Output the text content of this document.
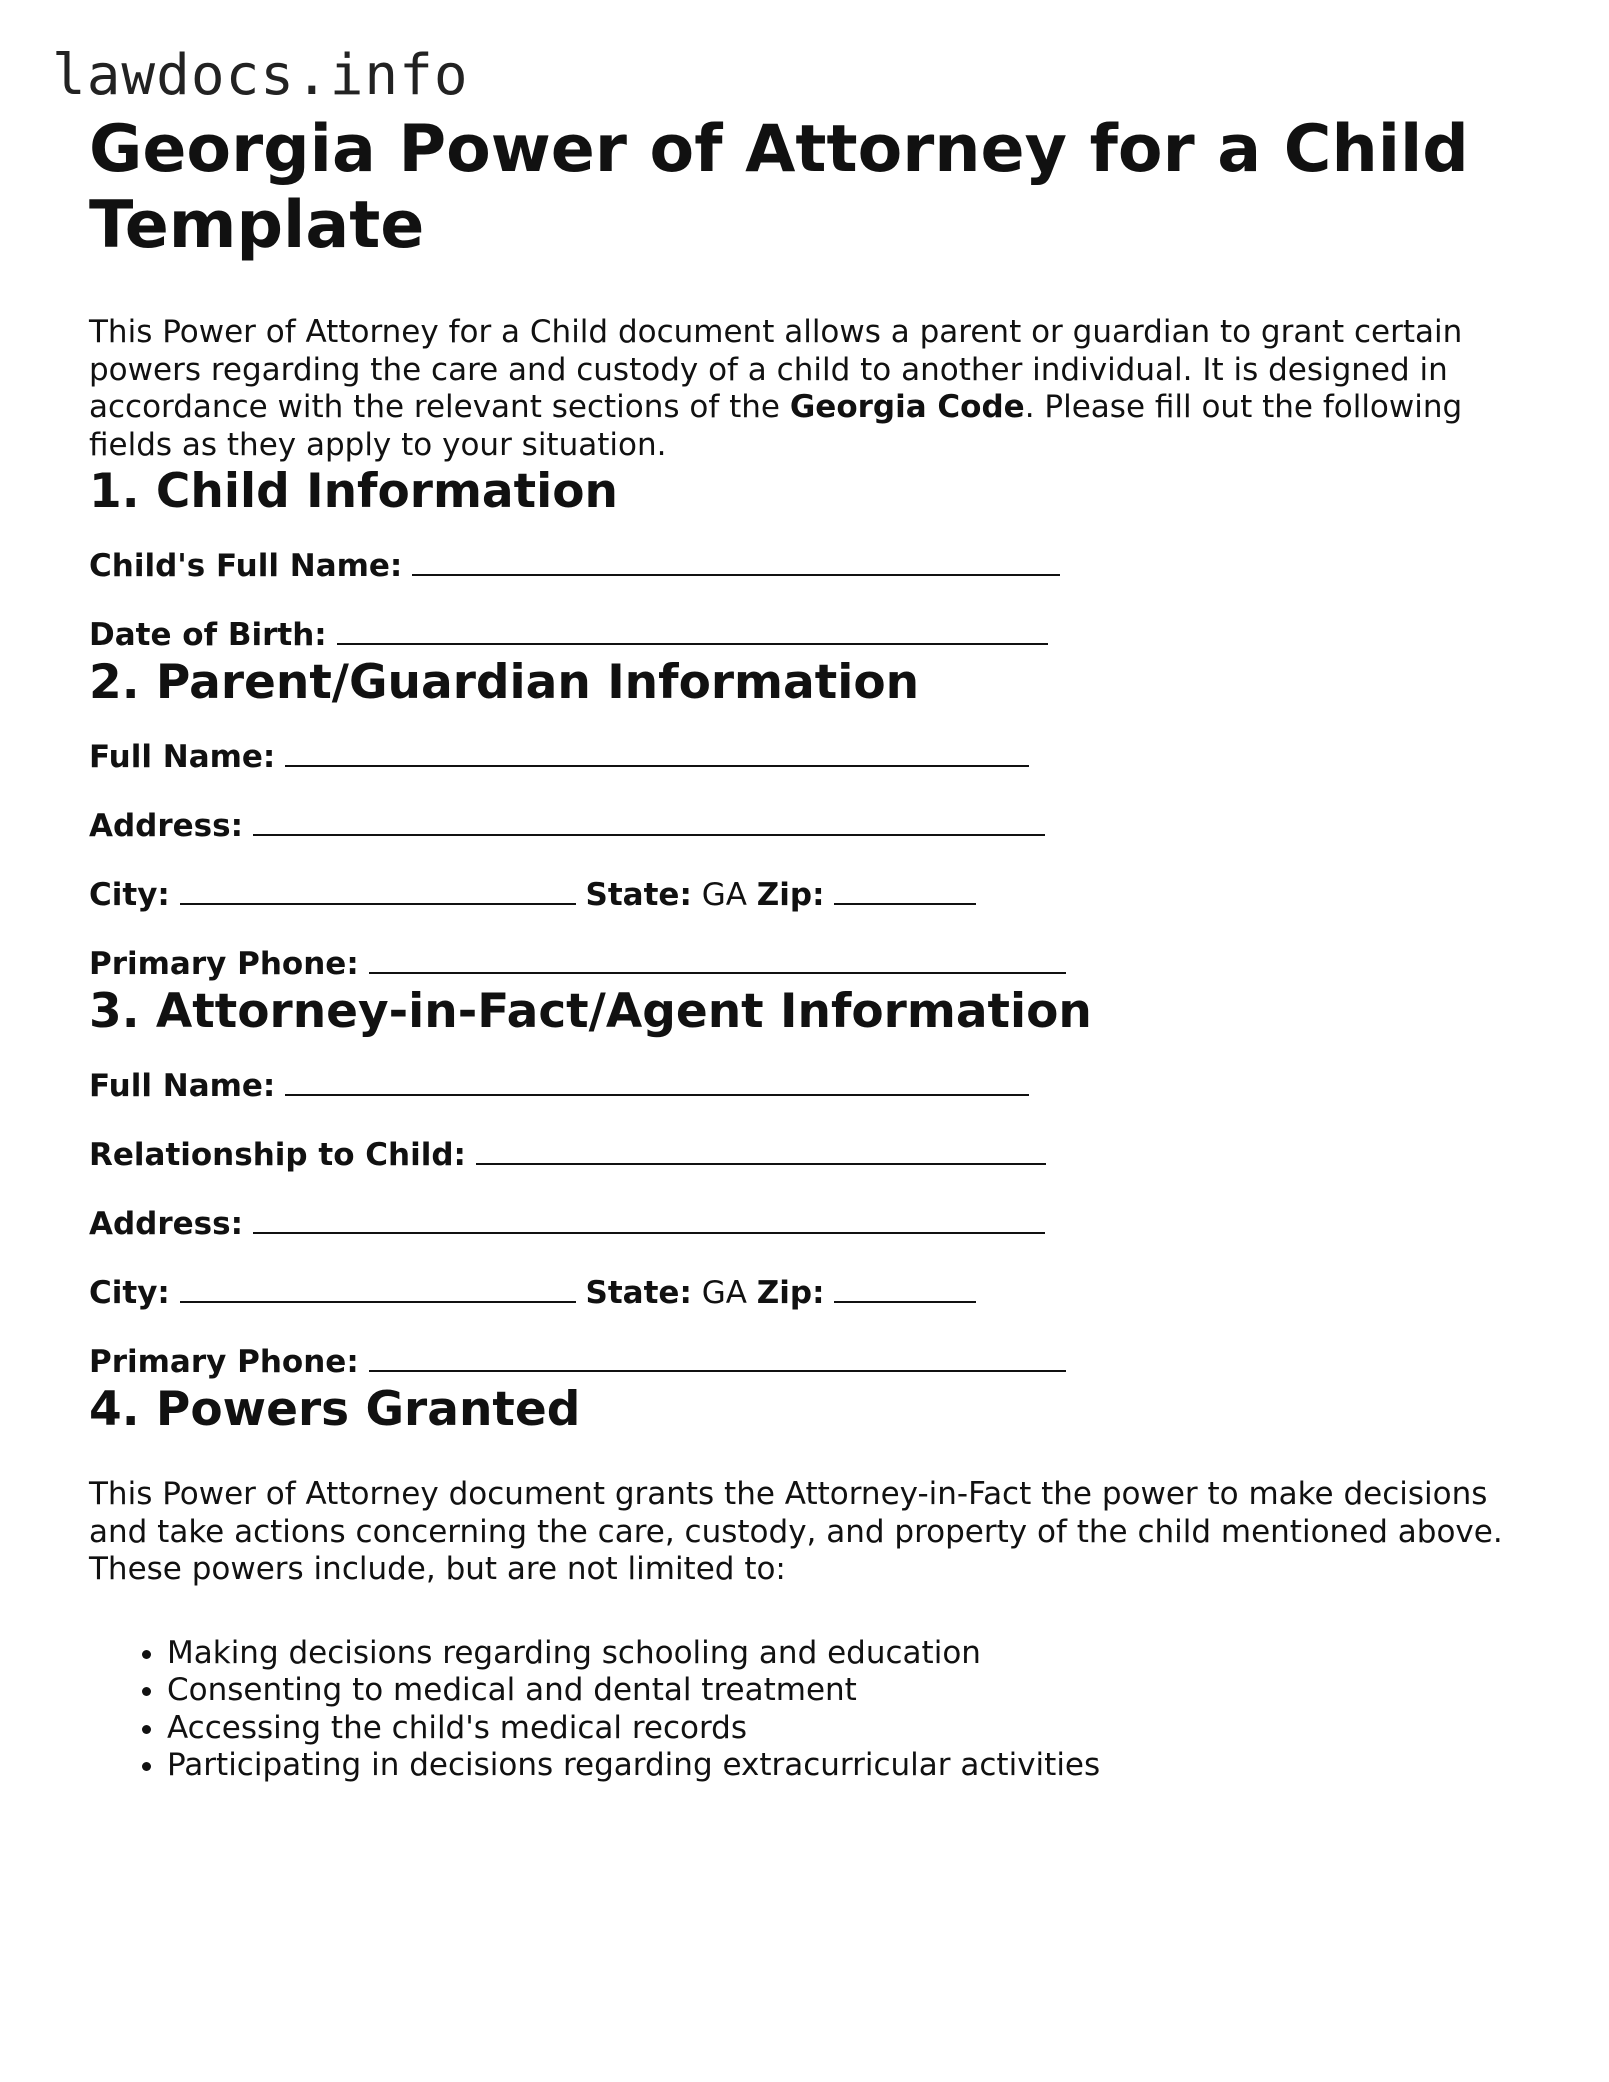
lawdocs.info
Georgia Power of Attorney for a Child Template

This Power of Attorney for a Child document allows a parent or guardian to grant certain powers regarding the care and custody of a child to another individual. It is designed in accordance with the relevant sections of the Georgia Code. Please fill out the following fields as they apply to your situation.

1. Child Information
Child's Full Name:
Date of Birth:
2. Parent/Guardian Information
Full Name:
Address:
City:	State: GA Zip:
Primary Phone:
3. Attorney-in-Fact/Agent Information
Full Name:
Relationship to Child:
Address:
City:	State: GA Zip:
Primary Phone:
4. Powers Granted

This Power of Attorney document grants the Attorney-in-Fact the power to make decisions and take actions concerning the care, custody, and property of the child mentioned above. These powers include, but are not limited to:

• Making decisions regarding schooling and education
• Consenting to medical and dental treatment
• Accessing the child's medical records
• Participating in decisions regarding extracurricular activities
